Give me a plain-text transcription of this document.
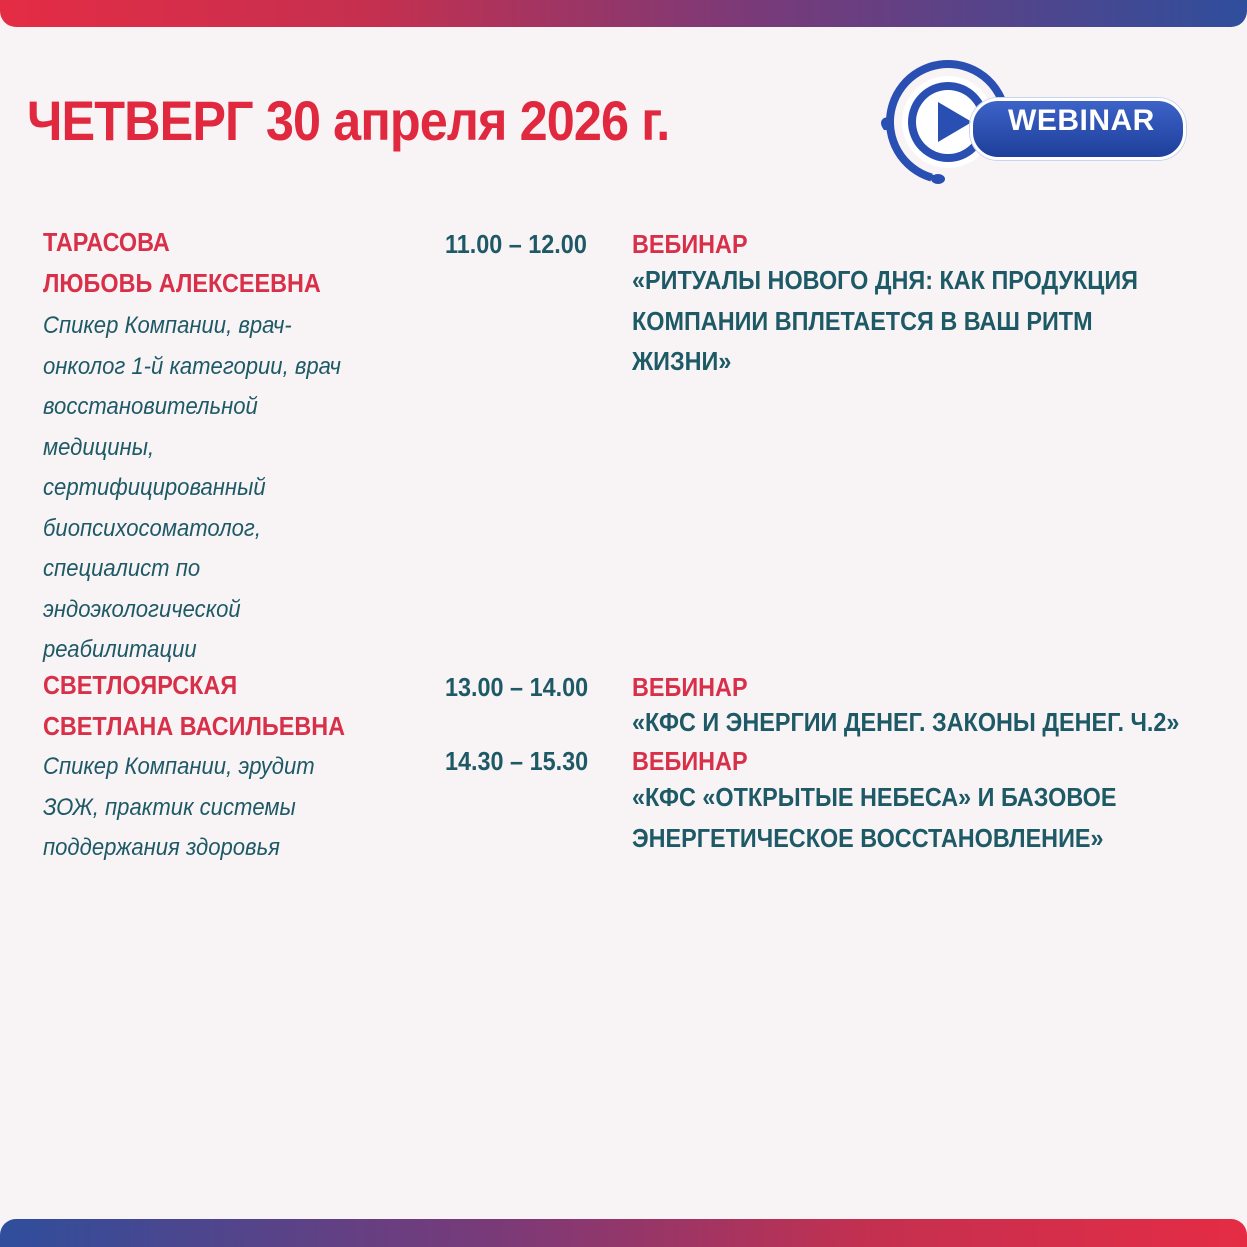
ЧЕТВЕРГ 30 апреля 2026 г.	WEBINAR
ТАРАСОВА
ЛЮБОВЬ АЛЕКСЕЕВНА
Спикер Компании, врач-
онколог 1-й категории, врач
восстановительной
медицины,
сертифицированный
биопсихосоматолог,
специалист по
эндоэкологической
реабилитации
СВЕТЛОЯРСКАЯ
СВЕТЛАНА ВАСИЛЬЕВНА
Спикер Компании, эрудит
ЗОЖ, практик системы
поддержания здоровья
11.00 – 12.00 ВЕБИНАР
«РИТУАЛЫ НОВОГО ДНЯ: КАК ПРОДУКЦИЯ
КОМПАНИИ ВПЛЕТАЕТСЯ В ВАШ РИТМ
ЖИЗНИ»
13.00 – 14.00 ВЕБИНАР
«КФС И ЭНЕРГИИ ДЕНЕГ. ЗАКОНЫ ДЕНЕГ. Ч.2»
14.30 – 15.30 ВЕБИНАР
«КФС «ОТКРЫТЫЕ НЕБЕСА» И БАЗОВОЕ
ЭНЕРГЕТИЧЕСКОЕ ВОССТАНОВЛЕНИЕ»
